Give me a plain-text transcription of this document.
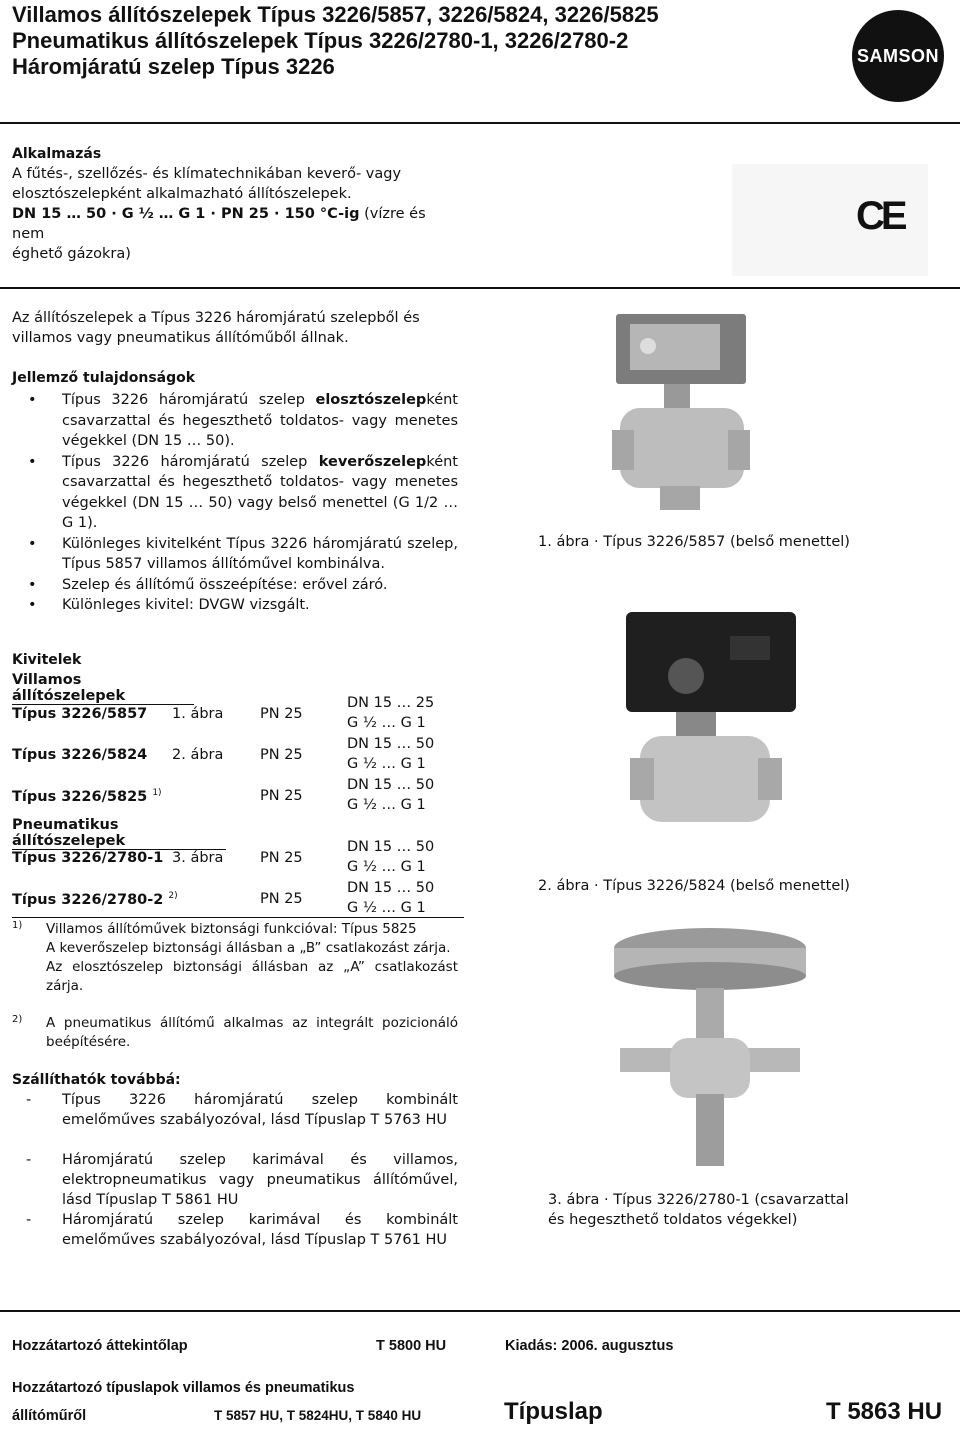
Villamos állítószelepek Típus 3226/5857, 3226/5824, 3226/5825
Pneumatikus állítószelepek Típus 3226/2780-1, 3226/2780-2
Háromjáratú szelep Típus 3226	SAMSON
Alkalmazás
A fűtés-, szellőzés- és klímatechnikában keverő- vagy
elosztószelepként alkalmazható állítószelepek.
DN 15 … 50 · G ½ … G 1 · PN 25 · 150 °C-ig (vízre és nem
éghető gázokra)
CE
Az állítószelepek a Típus 3226 háromjáratú szelepből és
villamos vagy pneumatikus állítóműből állnak.
Jellemző tulajdonságok
• Típus 3226 háromjáratú szelep elosztószelepként csavarzattal és hegeszthető toldatos- vagy menetes végekkel (DN 15 … 50).
• Típus 3226 háromjáratú szelep keverőszelepként csavarzattal és hegeszthető toldatos- vagy menetes végekkel (DN 15 … 50) vagy belső menettel (G 1/2 … G 1).
• Különleges kivitelként Típus 3226 háromjáratú szelep, Típus 5857 villamos állítóművel kombinálva.
• Szelep és állítómű összeépítése: erővel záró.
• Különleges kivitel: DVGW vizsgált.
Kivitelek
Villamos állítószelepek
Típus 3226/5857 1. ábra	PN 25
DN 15 … 25
G ½ … G 1
Típus 3226/5824 2. ábra	PN 25
DN 15 … 50
G ½ … G 1
Típus 3226/5825 $^{1)}$	PN 25
DN 15 … 50
G ½ … G 1
Pneumatikus állítószelepek
Típus 3226/2780-1 3. ábra	PN 25
DN 15 … 50
G ½ … G 1
Típus 3226/2780-2 $^{2)}$	PN 25
DN 15 … 50
G ½ … G 1
1) Villamos állítóművek biztonsági funkcióval: Típus 5825
A keverőszelep biztonsági állásban a „B” csatlakozást zárja.
Az elosztószelep biztonsági állásban az „A” csatlakozást zárja.
2) A pneumatikus állítómű alkalmas az integrált pozicionáló beépítésére.
Szállíthatók továbbá:
- Típus 3226 háromjáratú szelep kombinált emelőműves szabályozóval, lásd Típuslap T 5763 HU
- Háromjáratú szelep karimával és villamos, elektropneumatikus vagy pneumatikus állítóművel, lásd Típuslap T 5861 HU
- Háromjáratú szelep karimával és kombinált emelőműves szabályozóval, lásd Típuslap T 5761 HU
1. ábra · Típus 3226/5857 (belső menettel)
2. ábra · Típus 3226/5824 (belső menettel)
3. ábra · Típus 3226/2780-1 (csavarzattal
és hegeszthető toldatos végekkel)
Hozzátartozó áttekintőlap	T 5800 HU	Kiadás: 2006. augusztus
Hozzátartozó típuslapok villamos és pneumatikus
állítóműről	T 5857 HU, T 5824HU, T 5840 HU	Típuslap	T 5863 HU
